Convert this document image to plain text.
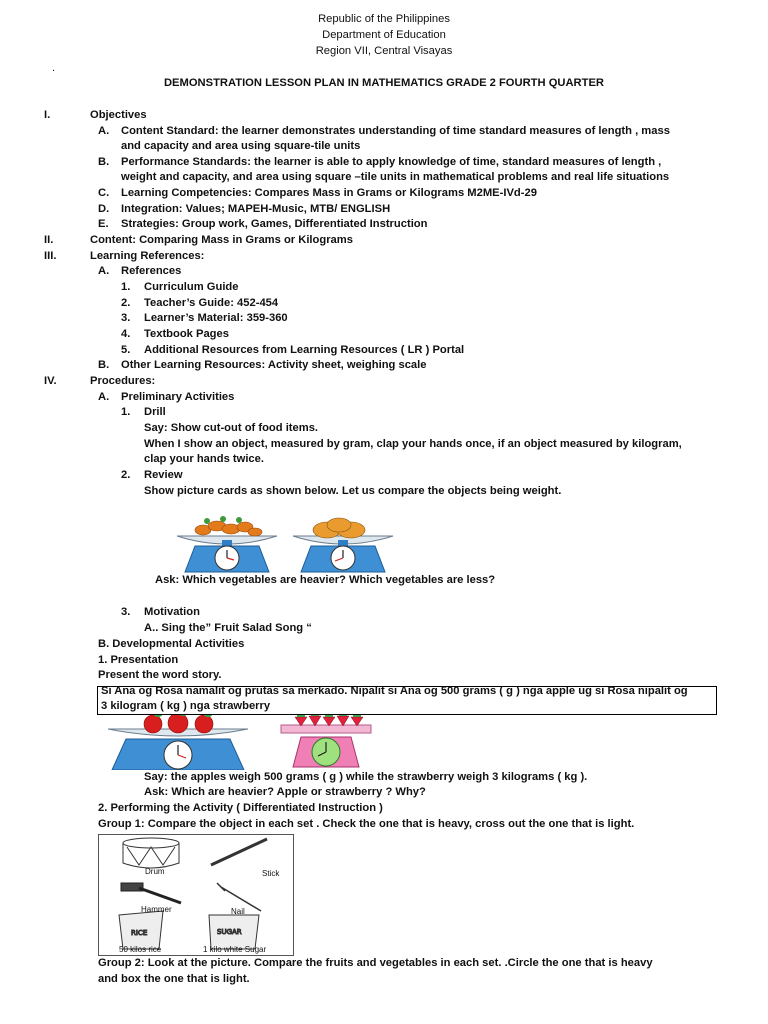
Republic of the Philippines
Department of Education
Region VII, Central Visayas
.
DEMONSTRATION LESSON PLAN IN MATHEMATICS GRADE 2 FOURTH QUARTER
I.	Objectives
A. Content Standard: the learner demonstrates understanding of time standard measures of length , mass
and capacity and area using square-tile units
B. Performance Standards: the learner is able to apply knowledge of time, standard measures of length ,
weight and capacity, and area using square –tile units in mathematical problems and real life situations
C. Learning Competencies: Compares Mass in Grams or Kilograms M2ME-IVd-29
D. Integration: Values; MAPEH-Music, MTB/ ENGLISH
E. Strategies: Group work, Games, Differentiated Instruction
II.	Content: Comparing Mass in Grams or Kilograms
III.	Learning References:
A. References
1. Curriculum Guide
2. Teacher’s Guide: 452-454
3. Learner’s Material: 359-360
4. Textbook Pages
5. Additional Resources from Learning Resources ( LR ) Portal
B. Other Learning Resources: Activity sheet, weighing scale
IV.	Procedures:
A. Preliminary Activities
1. Drill
Say: Show cut-out of food items.
When I show an object, measured by gram, clap your hands once, if an object measured by kilogram,
clap your hands twice.
2. Review
Show picture cards as shown below. Let us compare the objects being weight.
Ask: Which vegetables are heavier? Which vegetables are less?
3. Motivation
A.. Sing the” Fruit Salad Song “
B. Developmental Activities
1. Presentation
Present the word story.
Si Ana og Rosa namalit og prutas sa merkado. Nipalit si Ana og 500 grams ( g ) nga apple ug si Rosa nipalit og
3 kilogram ( kg ) nga strawberry
Say: the apples weigh 500 grams ( g ) while the strawberry weigh 3 kilograms ( kg ).
Ask: Which are heavier? Apple or strawberry ? Why?
2. Performing the Activity ( Differentiated Instruction )
Group 1: Compare the object in each set . Check the one that is heavy, cross out the one that is light.
RICE	SUGAR
Drum	Stick
Hammer	Nail
50 kilos rice	1 kilo white Sugar
Group 2: Look at the picture. Compare the fruits and vegetables in each set. .Circle the one that is heavy
and box the one that is light.
